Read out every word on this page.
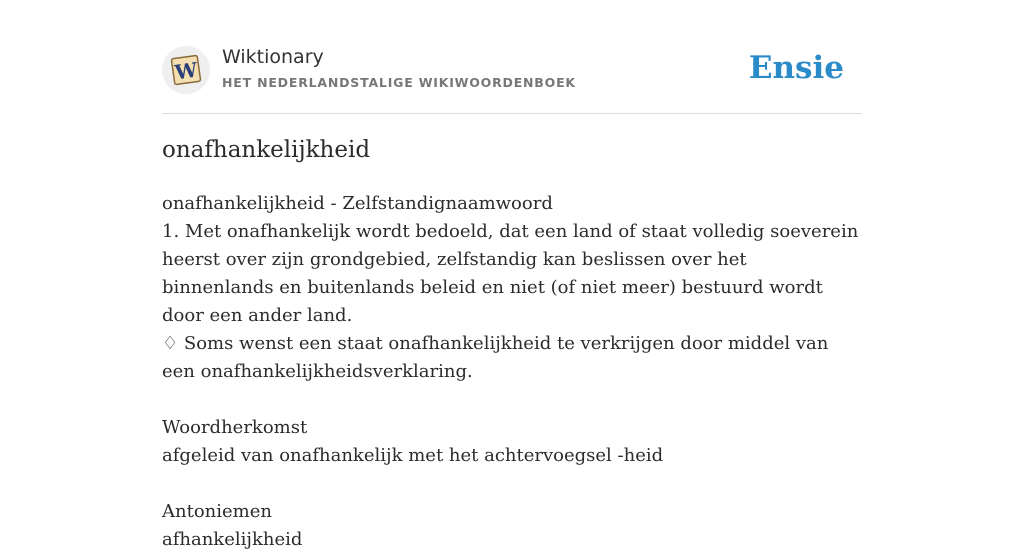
W
Wiktionary
HET NEDERLANDSTALIGE WIKIWOORDENBOEK	Ensie
onafhankelijkheid

onafhankelijkheid - Zelfstandignaamwoord

1. Met onafhankelijk wordt bedoeld, dat een land of staat volledig soeverein heerst over zijn grondgebied, zelfstandig kan beslissen over het binnenlands en buitenlands beleid en niet (of niet meer) bestuurd wordt door een ander land.

♢ Soms wenst een staat onafhankelijkheid te verkrijgen door middel van een onafhankelijkheidsverklaring.

Woordherkomst

afgeleid van onafhankelijk met het achtervoegsel -heid

Antoniemen

afhankelijkheid
